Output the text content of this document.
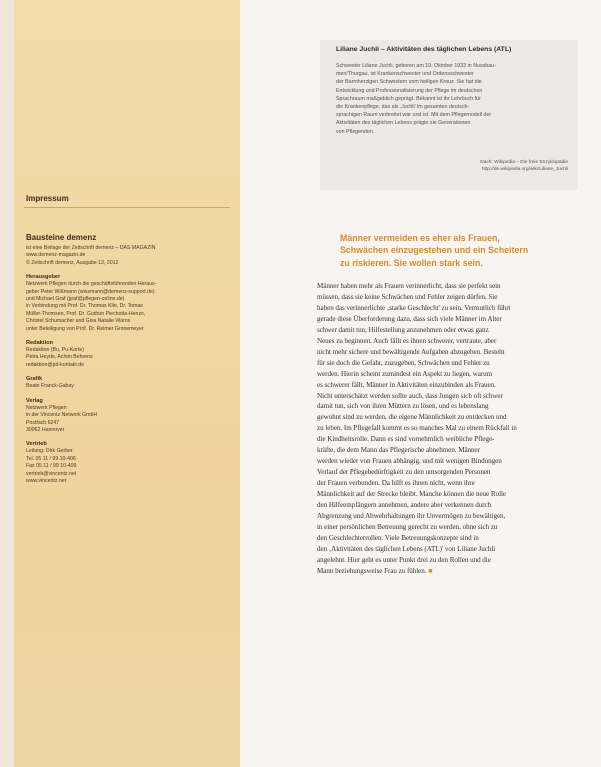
Impressum
Bausteine demenz
ist eine Beilage der Zeitschrift demenz – DAS MAGAZIN
www.demenz-magazin.de
© Zeitschrift demenz, Ausgabe 13, 2012
Herausgeber
Netzwerk Pflegen durch die geschäftsführenden Heraus-
geber Peter Wißmann (wissmann@demenz-support.de)
und Michael Graf (graf@pflegen-online.de)
in Verbindung mit Prof. Dr. Thomas Klie, Dr. Tomas
Müller-Thomsen, Prof. Dr. Gudrun Piechotta-Henze,
Christel Schumacher und Gisa Natalie Warns
unter Beteiligung von Prof. Dr. Reimer Gronemeyer
Redaktion
Redaktion (Bu, Pu-Korte)
Petra Heyde, Achim Behrens
redaktion@pd-kontakt.de
Grafik
Beate Franck-Gabay
Verlag
Netzwerk Pflegen
in der Vincentz Network GmbH
Postfach 6247
30062 Hannover
Vertrieb
Leitung: Dirk Gerber
Tel. 05 11 / 99 10-406
Fax 05 11 / 99 10-409
vertrieb@vincentz.net
www.vincentz.net
Liliane Juchli – Aktivitäten des täglichen Lebens (ATL)
Schwester Liliane Juchli, geboren am 19. Oktober 1933 in Nussbau-
men/Thurgau, ist Krankenschwester und Ordensschwester
der Barmherzigen Schwestern vom heiligen Kreuz. Sie hat die
Entwicklung und Professionalisierung der Pflege im deutschen
Sprachraum maßgeblich geprägt. Bekannt ist ihr Lehrbuch für
die Krankenpflege, das als ‚Juchli' im gesamten deutsch-
sprachigen Raum verbreitet war und ist. Mit dem Pflegemodell der
Aktivitäten des täglichen Lebens prägte sie Generationen
von Pflegenden.
Nach: Wikipedia – Die freie Enzyklopädie
http://de.wikipedia.org/wiki/Liliane_Juchli
Männer vermeiden es eher als Frauen,
Schwächen einzugestehen und ein Scheitern
zu riskieren. Sie wollen stark sein.
Männer haben mehr als Frauen verinnerlicht, dass sie perfekt sein
müssen, dass sie keine Schwächen und Fehler zeigen dürfen. Sie
haben das verinnerlichte ‚starke Geschlecht' zu sein. Vermutlich führt
gerade diese Überforderung dazu, dass sich viele Männer im Alter
schwer damit tun, Hilfestellung anzunehmen oder etwas ganz
Neues zu beginnen. Auch fällt es ihnen schwerer, vertraute, aber
nicht mehr sichere und bewältigende Aufgaben abzugeben. Besteht
für sie doch die Gefahr, zuzugeben, Schwächen und Fehler zu
werden. Hierin scheint zumindest ein Aspekt zu liegen, warum
es schwerer fällt, Männer in Aktivitäten einzubinden als Frauen.
Nicht unterschätzt werden sollte auch, dass Jungen sich oft schwer
damit tun, sich von ihren Müttern zu lösen, und es lebenslang
gewohnt sind zu werden, die eigene Männlichkeit zu entdecken und
zu leben. Im Pflegefall kommt es so manches Mal zu einem Rückfall in
die Kindheitsrolle. Dann es sind vornehmlich weibliche Pflege-
kräfte, die dem Mann das Pflegerische abnehmen. Männer
werden wieder von Frauen abhängig, und mit wenigen Bindungen
Verlauf der Pflegebedürftigkeit zu den umsorgenden Personen
der Frauen verbunden. Da hilft es ihnen nicht, wenn ihre
Männlichkeit auf der Strecke bleibt. Manche können die neue Rolle
den Hilfeempfängern annehmen, andere aber verkennen durch
Abgrenzung und Abwehrhaltungen ihr Unvermögen zu bewältigen,
in einer persönlichen Betreuung gerecht zu werden, ohne sich zu
den Geschlechterrollen. Viele Betreuungskonzepte sind in
den ‚Aktivitäten des täglichen Lebens (ATL)' von Liliane Juchli
angelehnt. Hier geht es unter Punkt drei zu den Rollen und die
Mann beziehungsweise Frau zu fühlen. ■
